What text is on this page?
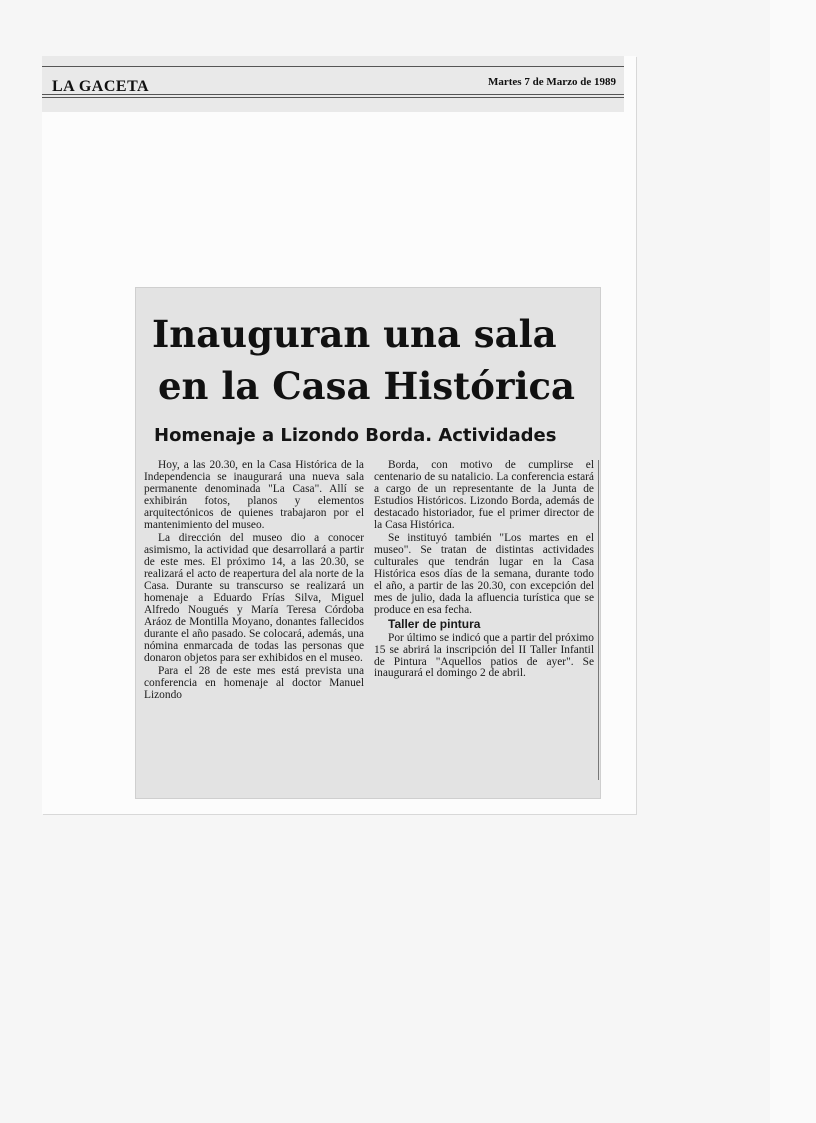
LA GACETA	Martes 7 de Marzo de 1989
Inauguran una sala
en la Casa Histórica
Homenaje a Lizondo Borda. Actividades

Hoy, a las 20.30, en la Casa Histórica de la Independencia se inaugurará una nueva sala permanente denominada "La Casa". Allí se exhibirán fotos, planos y elementos arquitectónicos de quienes trabajaron por el mantenimiento del museo.

La dirección del museo dio a conocer asimismo, la actividad que desarrollará a partir de este mes. El próximo 14, a las 20.30, se realizará el acto de reapertura del ala norte de la Casa. Durante su transcurso se realizará un homenaje a Eduardo Frías Silva, Miguel Alfredo Nougués y María Teresa Córdoba Aráoz de Montilla Moyano, donantes fallecidos durante el año pasado. Se colocará, además, una nómina enmarcada de todas las personas que donaron objetos para ser exhibidos en el museo.

Para el 28 de este mes está prevista una conferencia en homenaje al doctor Manuel Lizondo

Borda, con motivo de cumplirse el centenario de su natalicio. La conferencia estará a cargo de un representante de la Junta de Estudios Históricos. Lizondo Borda, además de destacado historiador, fue el primer director de la Casa Histórica.

Se instituyó también "Los martes en el museo". Se tratan de distintas actividades culturales que tendrán lugar en la Casa Histórica esos días de la semana, durante todo el año, a partir de las 20.30, con excepción del mes de julio, dada la afluencia turística que se produce en esa fecha.

Taller de pintura

Por último se indicó que a partir del próximo 15 se abrirá la inscripción del II Taller Infantil de Pintura "Aquellos patios de ayer". Se inaugurará el domingo 2 de abril.
